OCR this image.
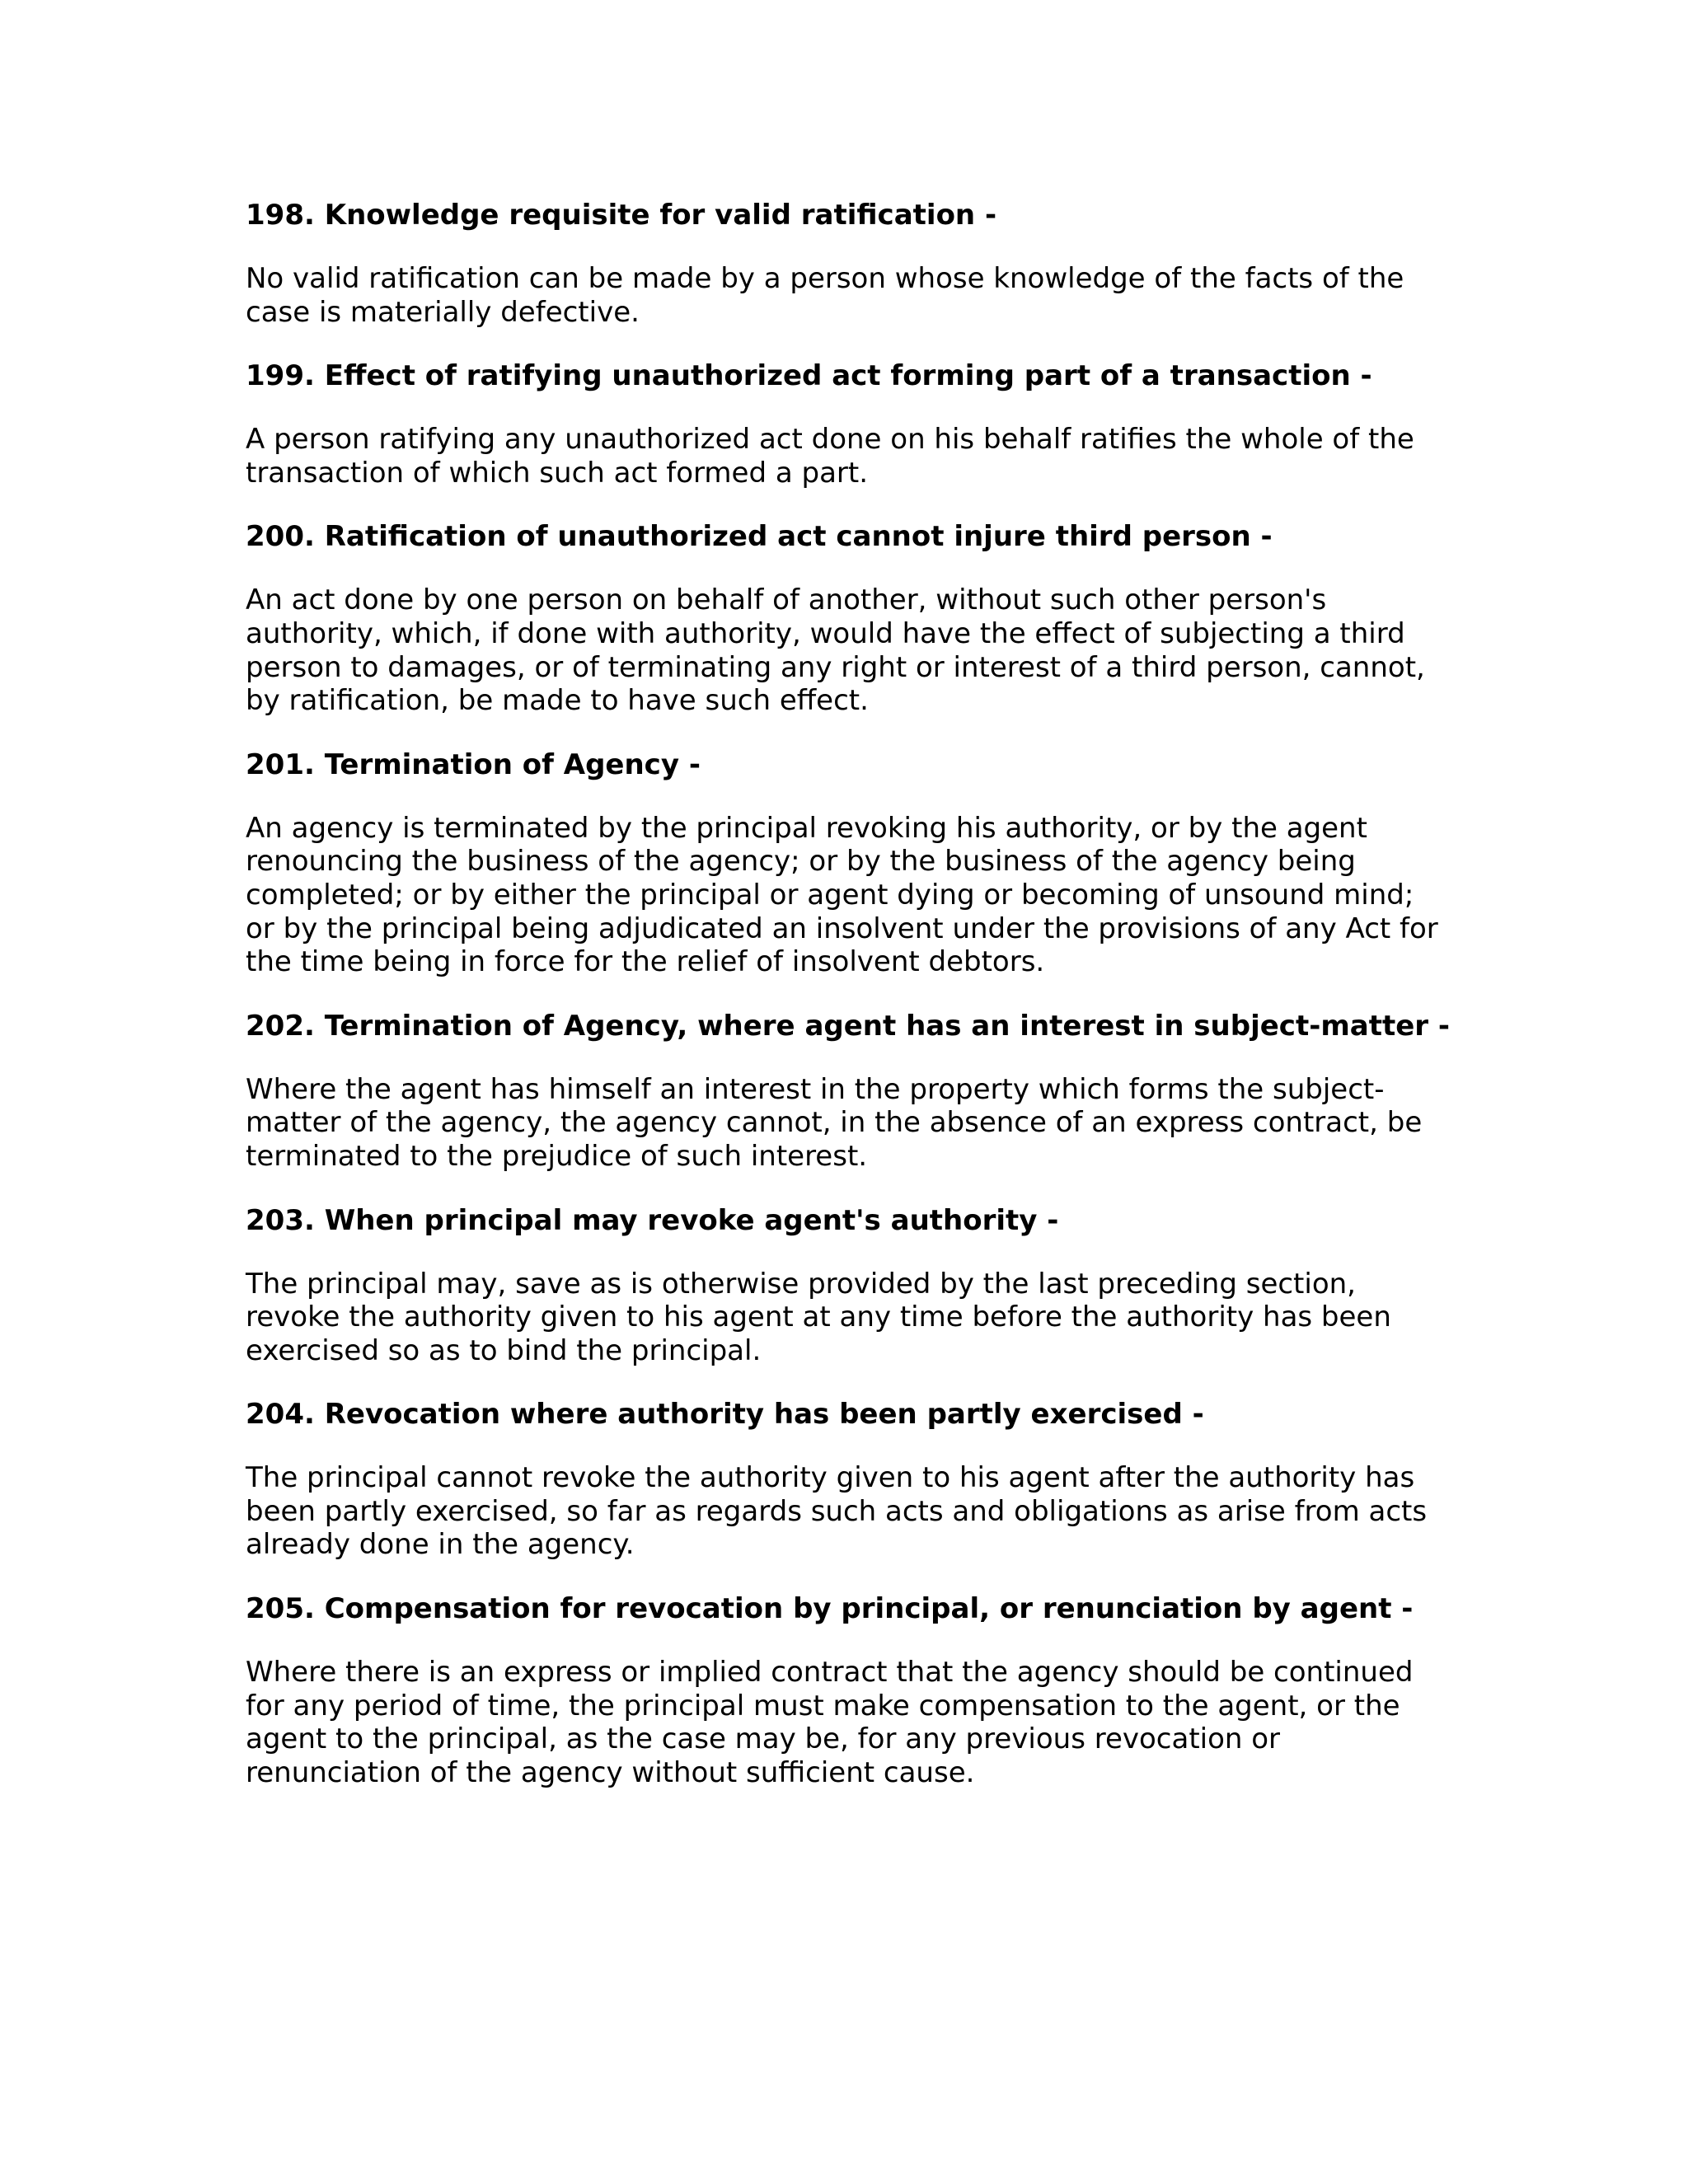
198. Knowledge requisite for valid ratification -
No valid ratification can be made by a person whose knowledge of the facts of the
case is materially defective.
199. Effect of ratifying unauthorized act forming part of a transaction -
A person ratifying any unauthorized act done on his behalf ratifies the whole of the
transaction of which such act formed a part.
200. Ratification of unauthorized act cannot injure third person -
An act done by one person on behalf of another, without such other person's
authority, which, if done with authority, would have the effect of subjecting a third
person to damages, or of terminating any right or interest of a third person, cannot,
by ratification, be made to have such effect.
201. Termination of Agency -
An agency is terminated by the principal revoking his authority, or by the agent
renouncing the business of the agency; or by the business of the agency being
completed; or by either the principal or agent dying or becoming of unsound mind;
or by the principal being adjudicated an insolvent under the provisions of any Act for
the time being in force for the relief of insolvent debtors.
202. Termination of Agency, where agent has an interest in subject-matter -
Where the agent has himself an interest in the property which forms the subject-
matter of the agency, the agency cannot, in the absence of an express contract, be
terminated to the prejudice of such interest.
203. When principal may revoke agent's authority -
The principal may, save as is otherwise provided by the last preceding section,
revoke the authority given to his agent at any time before the authority has been
exercised so as to bind the principal.
204. Revocation where authority has been partly exercised -
The principal cannot revoke the authority given to his agent after the authority has
been partly exercised, so far as regards such acts and obligations as arise from acts
already done in the agency.
205. Compensation for revocation by principal, or renunciation by agent -
Where there is an express or implied contract that the agency should be continued
for any period of time, the principal must make compensation to the agent, or the
agent to the principal, as the case may be, for any previous revocation or
renunciation of the agency without sufficient cause.
